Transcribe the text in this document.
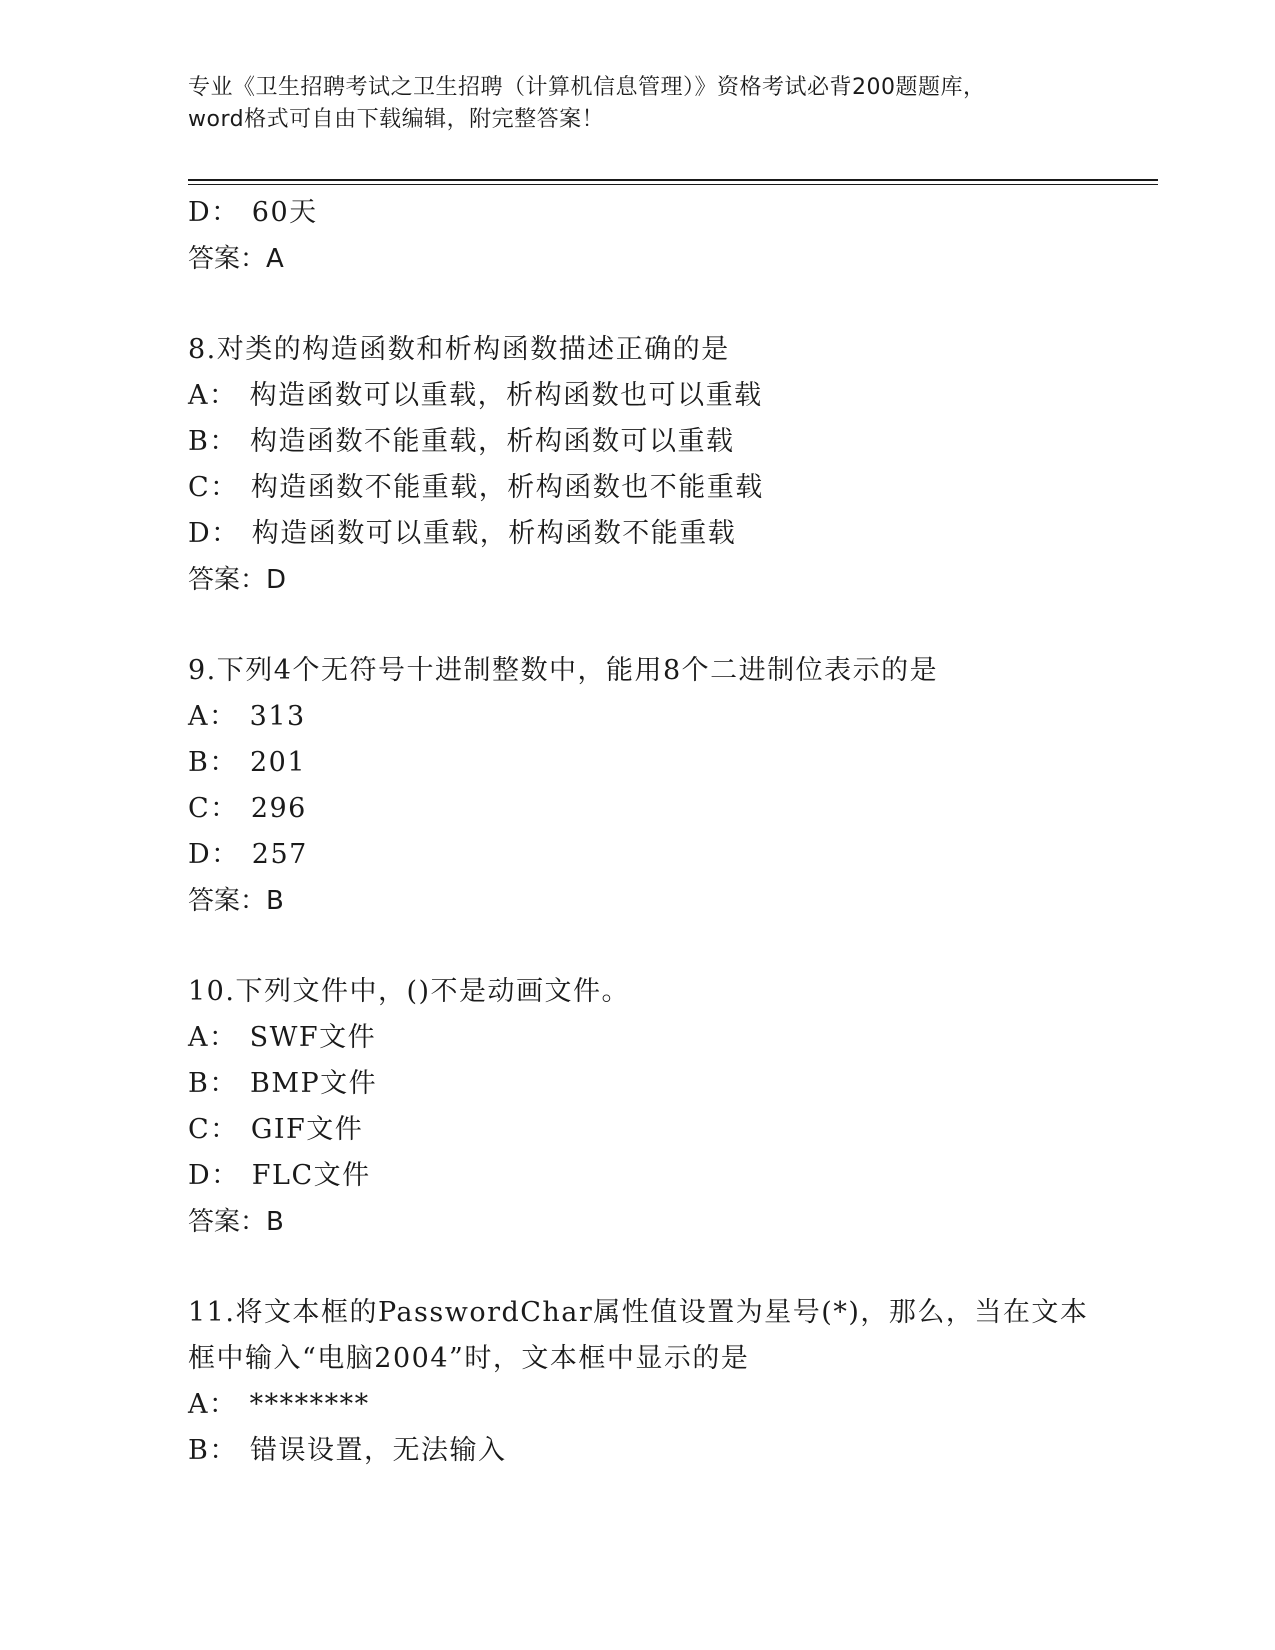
专业《卫生招聘考试之卫生招聘（计算机信息管理）》资格考试必背200题题库，
word格式可自由下载编辑，附完整答案！
D： 60天
答案：A
8.对类的构造函数和析构函数描述正确的是
A： 构造函数可以重载，析构函数也可以重载
B： 构造函数不能重载，析构函数可以重载
C： 构造函数不能重载，析构函数也不能重载
D： 构造函数可以重载，析构函数不能重载
答案：D
9.下列4个无符号十进制整数中，能用8个二进制位表示的是
A： 313
B： 201
C： 296
D： 257
答案：B
10.下列文件中，()不是动画文件。
A： SWF文件
B： BMP文件
C： GIF文件
D： FLC文件
答案：B
11.将文本框的PasswordChar属性值设置为星号(*)，那么，当在文本
框中输入“电脑2004”时，文本框中显示的是
A： ********
B： 错误设置，无法输入
